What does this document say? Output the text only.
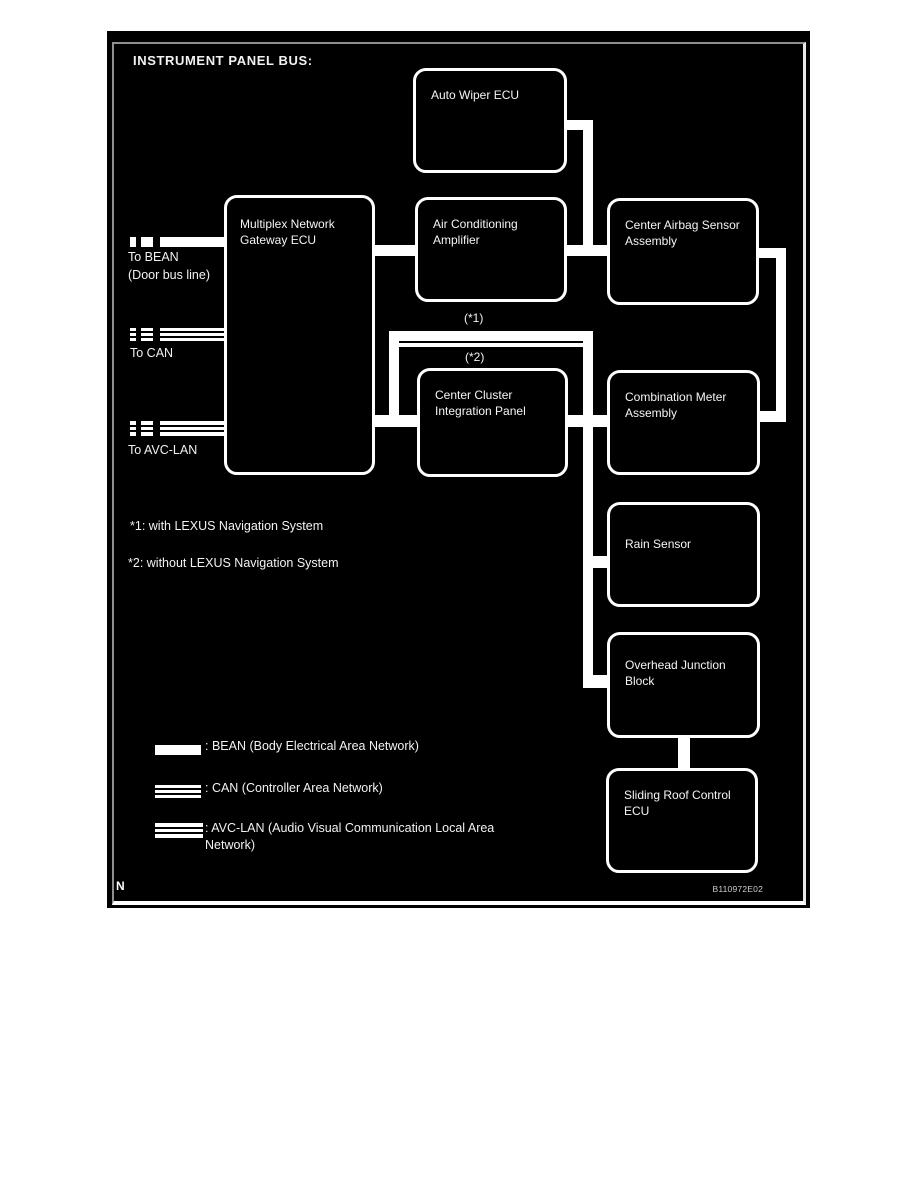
INSTRUMENT PANEL BUS:
Auto Wiper ECU
Multiplex Network Gateway ECU
Air Conditioning Amplifier
Center Airbag Sensor Assembly
Center Cluster Integration Panel
Combination Meter Assembly
Rain Sensor
Overhead Junction Block
Sliding Roof Control ECU
To BEAN
(Door bus line)
To CAN
To AVC-LAN
(*1)
(*2)
*1: with LEXUS Navigation System
*2: without LEXUS Navigation System
: BEAN (Body Electrical Area Network)
: CAN (Controller Area Network)
: AVC-LAN (Audio Visual Communication Local Area Network)
N	B110972E02
